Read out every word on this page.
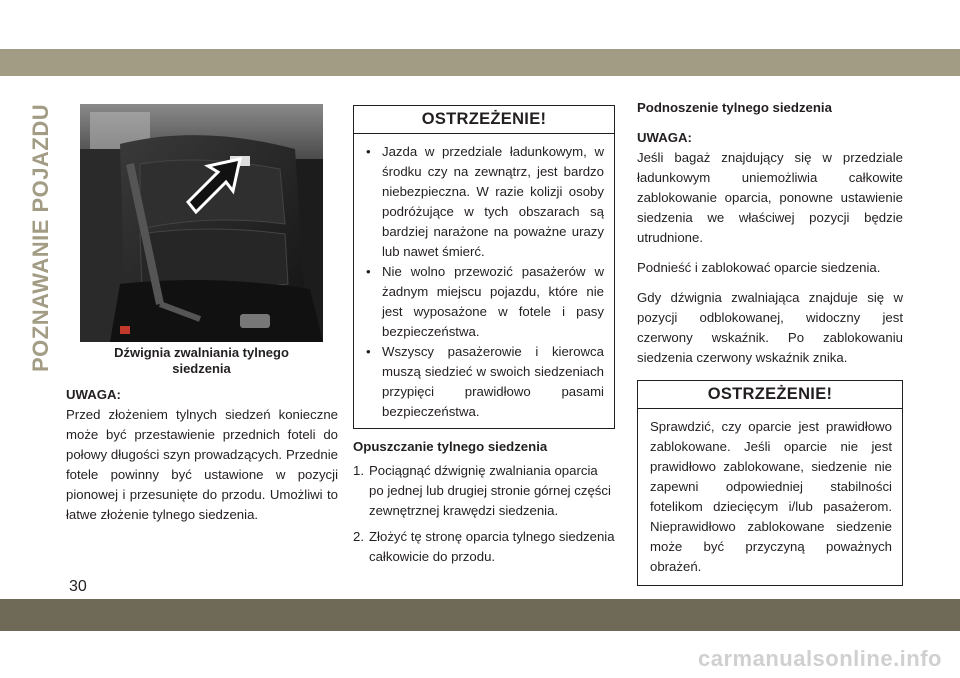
POZNAWANIE POJAZDU	Dźwignia zwalniania tylnego
siedzenia

UWAGA:

Przed złożeniem tylnych siedzeń konieczne może być przestawienie przednich foteli do połowy długości szyn prowadzących. Przednie fotele powinny być ustawione w pozycji pionowej i przesunięte do przodu. Umożliwi to łatwe złożenie tylnego siedzenia.

OSTRZEŻENIE!
• Jazda w przedziale ładunkowym, w środku czy na zewnątrz, jest bardzo niebezpieczna. W razie kolizji osoby podróżujące w tych obszarach są bardziej narażone na poważne urazy lub nawet śmierć.
• Nie wolno przewozić pasażerów w żadnym miejscu pojazdu, które nie jest wyposażone w fotele i pasy bezpieczeństwa.
• Wszyscy pasażerowie i kierowca muszą siedzieć w swoich siedzeniach przypięci prawidłowo pasami bezpieczeństwa.

Opuszczanie tylnego siedzenia

1. Pociągnąć dźwignię zwalniania oparcia po jednej lub drugiej stronie górnej części zewnętrznej krawędzi siedzenia.
2. Złożyć tę stronę oparcia tylnego siedzenia całkowicie do przodu.

Podnoszenie tylnego siedzenia

UWAGA:

Jeśli bagaż znajdujący się w przedziale ładunkowym uniemożliwia całkowite zablokowanie oparcia, ponowne ustawienie siedzenia we właściwej pozycji będzie utrudnione.

Podnieść i zablokować oparcie siedzenia.

Gdy dźwignia zwalniająca znajduje się w pozycji odblokowanej, widoczny jest czerwony wskaźnik. Po zablokowaniu siedzenia czerwony wskaźnik znika.

OSTRZEŻENIE!
Sprawdzić, czy oparcie jest prawidłowo zablokowane. Jeśli oparcie nie jest prawidłowo zablokowane, siedzenie nie zapewni odpowiedniej stabilności fotelikom dziecięcym i/lub pasażerom. Nieprawidłowo zablokowane siedzenie może być przyczyną poważnych obrażeń.
30
carmanualsonline.info
